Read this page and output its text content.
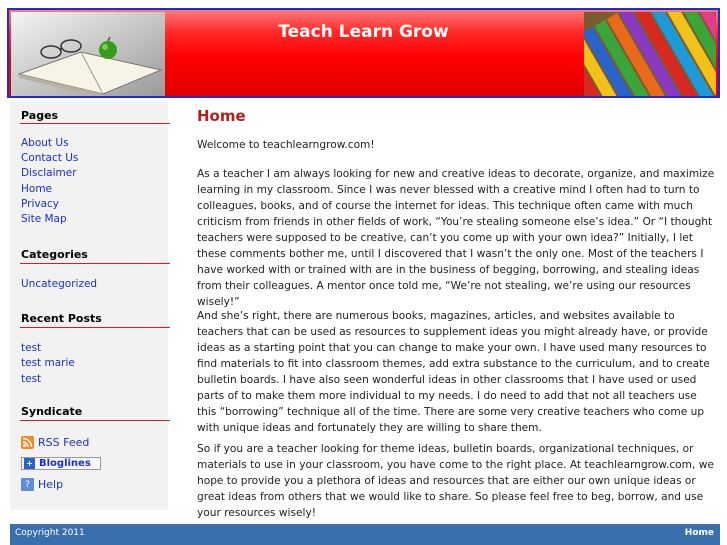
Teach Learn Grow
Pages
About Us
Contact Us
Disclaimer
Home
Privacy
Site Map
Categories
Uncategorized
Recent Posts
test
test marie
test
Syndicate
RSS Feed
+ Bloglines
? Help
Home
Welcome to teachlearngrow.com!
As a teacher I am always looking for new and creative ideas to decorate, organize, and maximize learning in my classroom. Since I was never blessed with a creative mind I often had to turn to colleagues, books, and of course the internet for ideas. This technique often came with much criticism from friends in other fields of work, “You’re stealing someone else’s idea.” Or “I thought teachers were supposed to be creative, can’t you come up with your own idea?” Initially, I let these comments bother me, until I discovered that I wasn’t the only one. Most of the teachers I have worked with or trained with are in the business of begging, borrowing, and stealing ideas from their colleagues. A mentor once told me, “We’re not stealing, we’re using our resources wisely!”
And she’s right, there are numerous books, magazines, articles, and websites available to teachers that can be used as resources to supplement ideas you might already have, or provide ideas as a starting point that you can change to make your own. I have used many resources to find materials to fit into classroom themes, add extra substance to the curriculum, and to create bulletin boards. I have also seen wonderful ideas in other classrooms that I have used or used parts of to make them more individual to my needs. I do need to add that not all teachers use this “borrowing” technique all of the time. There are some very creative teachers who come up with unique ideas and fortunately they are willing to share them.
So if you are a teacher looking for theme ideas, bulletin boards, organizational techniques, or materials to use in your classroom, you have come to the right place. At teachlearngrow.com, we hope to provide you a plethora of ideas and resources that are either our own unique ideas or great ideas from others that we would like to share. So please feel free to beg, borrow, and use your resources wisely!
Copyright 2011	Home
